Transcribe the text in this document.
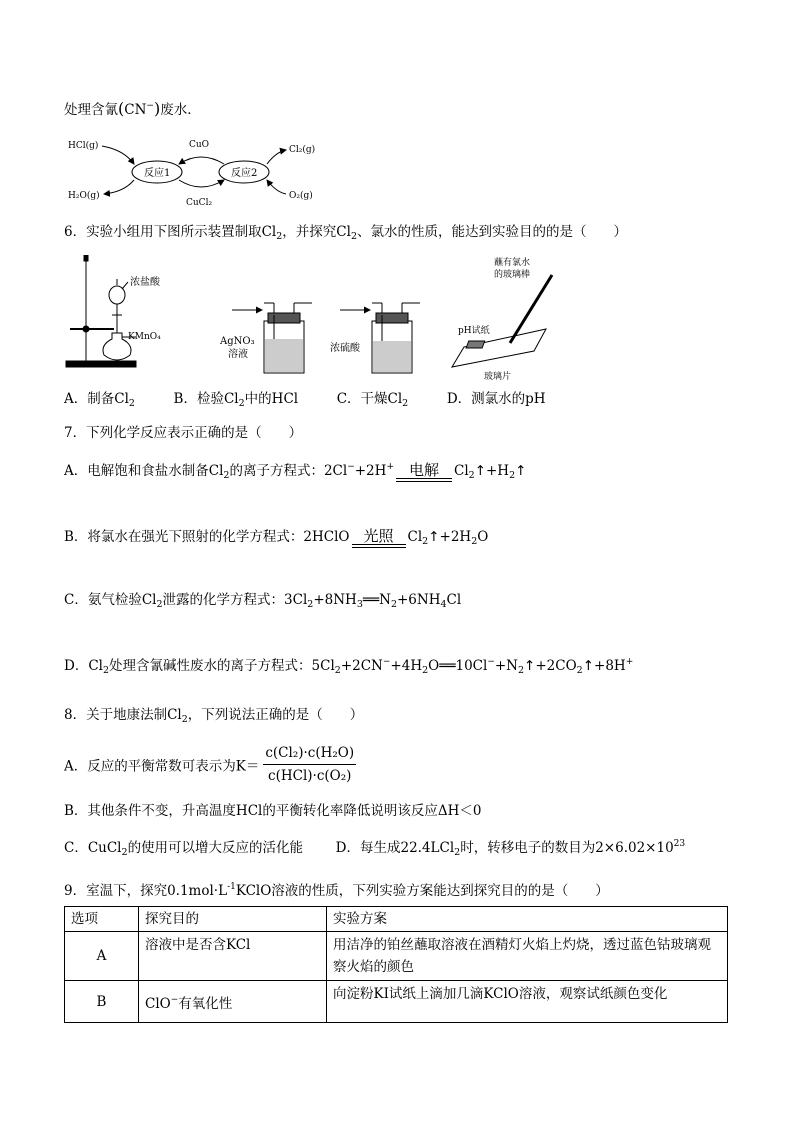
处理含氰(CN−)废水．
HCl(g)
H₂O(g)
反应1	反应2
CuO
CuCl₂
Cl₂(g)
O₂(g)
6．实验小组用下图所示装置制取$Cl_2$，并探究$Cl_2$、氯水的性质，能达到实验目的的是（　　）
浓盐酸
KMnO₄	AgNO₃
溶液
浓硫酸
蘸有氯水
的玻璃棒
pH试纸
玻璃片
A．制备$Cl_2$	B．检验$Cl_2$中的HCl	C．干燥$Cl_2$	D．测氯水的pH
7．下列化学反应表示正确的是（　　）
A．电解饱和食盐水制备$Cl_2$的离子方程式：2Cl−+2H+ 电解	$Cl_2↑+H_2↑$
B．将氯水在强光下照射的化学方程式：2HClO 光照	$Cl_2↑+2H_2O$
C．氨气检验$Cl_2$泄露的化学方程式：$3Cl_2+8NH_3══N_2+6NH_4Cl$
D．$Cl_2$处理含氰碱性废水的离子方程式：$5Cl_2+2CN^-+4H_2O══10Cl^-+N_2↑+2CO_2↑+8H^+$
8．关于地康法制$Cl_2$，下列说法正确的是（　　）
A．反应的平衡常数可表示为$K= \frac{\text{c(Cl₂)·c(H₂O)}}{\text{c(HCl)·c(O₂)}}$
B．其他条件不变，升高温度HCl的平衡转化率降低说明该反应ΔH＜0
C．CuCl$_2$的使用可以增大反应的活化能 D．每生成22.4LCl$_2$时，转移电子的数目为$2\times 6.02\times 10^{23}$
9．室温下，探究$0.1mol\cdot L^{-1}KClO$溶液的性质，下列实验方案能达到探究目的的是（　　）
选项	探究目的	实验方案
A	溶液中是否含KCl	用洁净的铂丝蘸取溶液在酒精灯火焰上灼烧，透过蓝色钴玻璃观察火焰的颜色
B	ClO−有氧化性	向淀粉KI试纸上滴加几滴KClO溶液，观察试纸颜色变化
